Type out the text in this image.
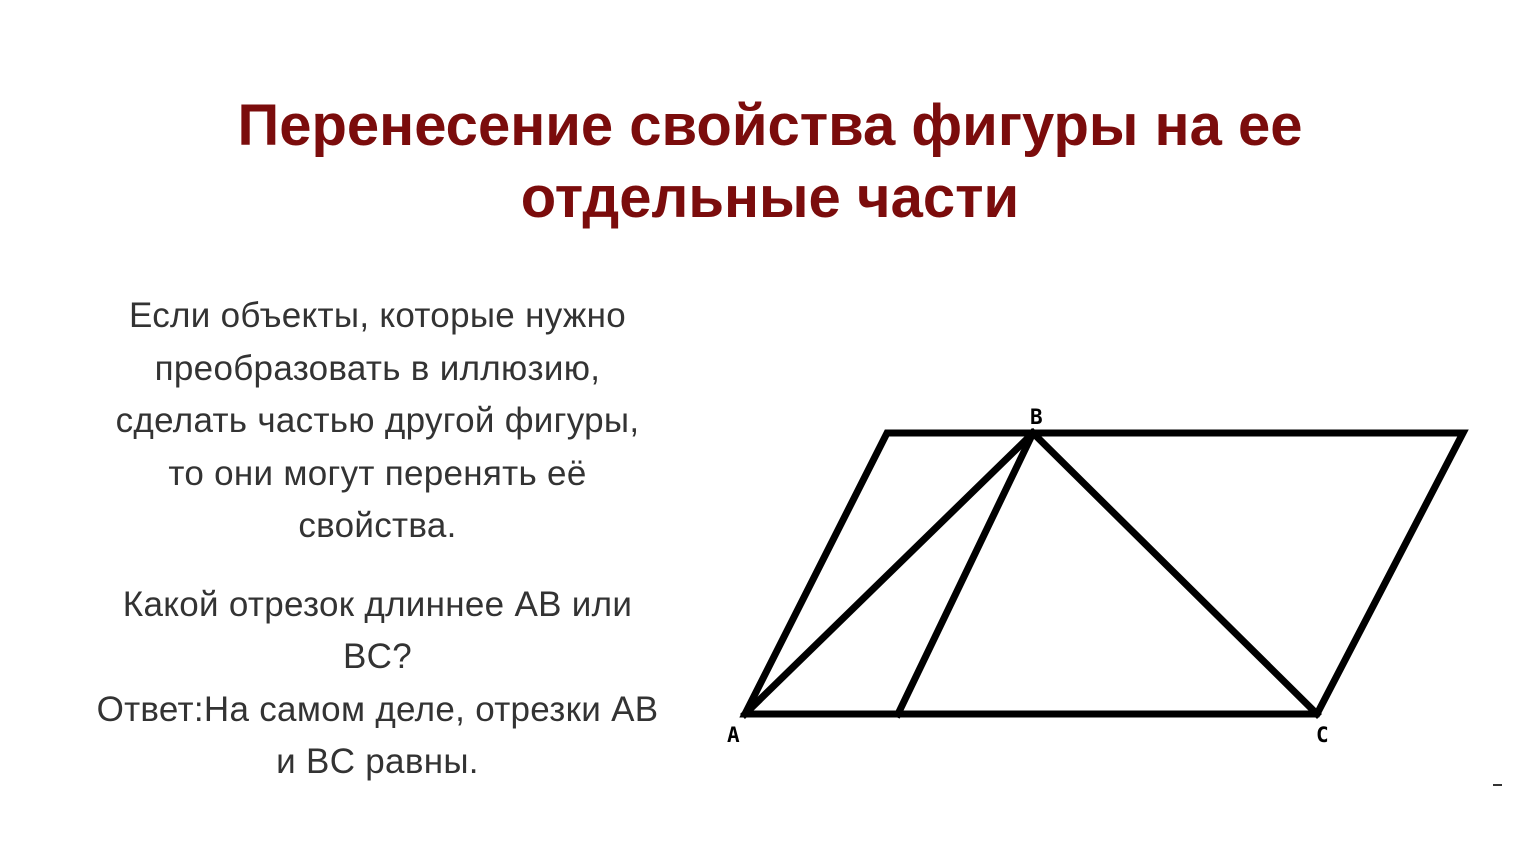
Перенесение свойства фигуры на ее
отдельные части

Если объекты, которые нужно
преобразовать в иллюзию,
сделать частью другой фигуры,
то они могут перенять её
свойства.

Какой отрезок длиннее AB или
BC?
Ответ:На самом деле, отрезки AB
и BC равны.

A
B
C
